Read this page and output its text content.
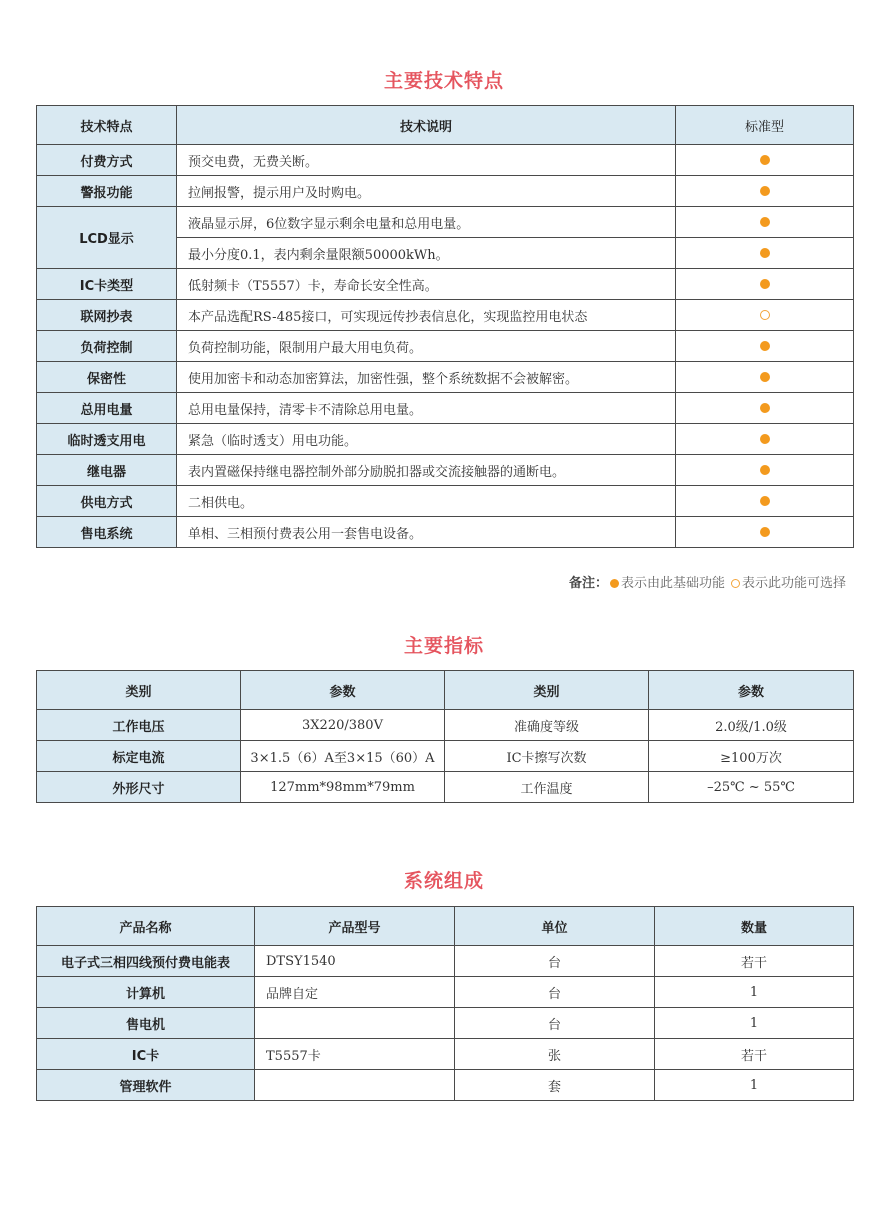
主要技术特点
技术特点	技术说明	标准型
付费方式	预交电费，无费关断。	
警报功能	拉闸报警，提示用户及时购电。	
LCD显示	液晶显示屏，6位数字显示剩余电量和总用电量。	
	最小分度0.1，表内剩余量限额50000kWh。	
IC卡类型	低射频卡（T5557）卡，寿命长安全性高。	
联网抄表	本产品选配RS-485接口，可实现远传抄表信息化，实现监控用电状态	
负荷控制	负荷控制功能，限制用户最大用电负荷。	
保密性	使用加密卡和动态加密算法，加密性强，整个系统数据不会被解密。	
总用电量	总用电量保持，清零卡不清除总用电量。	
临时透支用电	紧急（临时透支）用电功能。	
继电器	表内置磁保持继电器控制外部分励脱扣器或交流接触器的通断电。	
供电方式	二相供电。	
售电系统	单相、三相预付费表公用一套售电设备。	
备注： 表示由此基础功能 表示此功能可选择
主要指标
类别	参数	类别	参数
工作电压	3X220/380V	准确度等级	2.0级/1.0级
标定电流	3×1.5（6）A至3×15（60）A	IC卡擦写次数	≥100万次
外形尺寸	127mm*98mm*79mm	工作温度	–25℃ ~ 55℃
系统组成
产品名称	产品型号	单位	数量
电子式三相四线预付费电能表	DTSY1540	台	若干
计算机	品牌自定	台	1
售电机		台	1
IC卡	T5557卡	张	若干
管理软件		套	1
